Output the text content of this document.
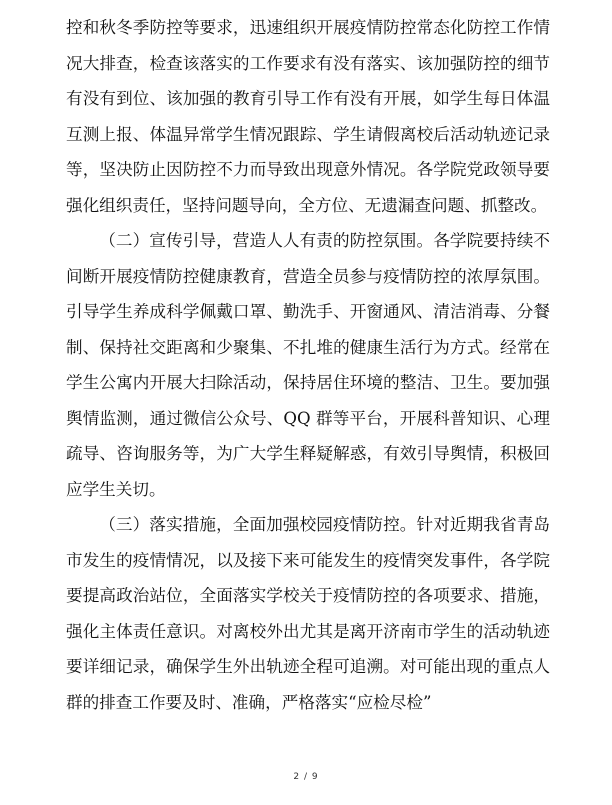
控和秋冬季防控等要求，迅速组织开展疫情防控常态化防控工作情况大排查，检查该落实的工作要求有没有落实、该加强防控的细节有没有到位、该加强的教育引导工作有没有开展，如学生每日体温互测上报、体温异常学生情况跟踪、学生请假离校后活动轨迹记录等，坚决防止因防控不力而导致出现意外情况。各学院党政领导要强化组织责任，坚持问题导向，全方位、无遗漏查问题、抓整改。

（二）宣传引导，营造人人有责的防控氛围。各学院要持续不间断开展疫情防控健康教育，营造全员参与疫情防控的浓厚氛围。引导学生养成科学佩戴口罩、勤洗手、开窗通风、清洁消毒、分餐制、保持社交距离和少聚集、不扎堆的健康生活行为方式。经常在学生公寓内开展大扫除活动，保持居住环境的整洁、卫生。要加强舆情监测，通过微信公众号、QQ 群等平台，开展科普知识、心理疏导、咨询服务等，为广大学生释疑解惑，有效引导舆情，积极回应学生关切。

（三）落实措施，全面加强校园疫情防控。针对近期我省青岛市发生的疫情情况，以及接下来可能发生的疫情突发事件，各学院要提高政治站位，全面落实学校关于疫情防控的各项要求、措施，强化主体责任意识。对离校外出尤其是离开济南市学生的活动轨迹要详细记录，确保学生外出轨迹全程可追溯。对可能出现的重点人群的排查工作要及时、准确，严格落实“应检尽检”

2 / 9
